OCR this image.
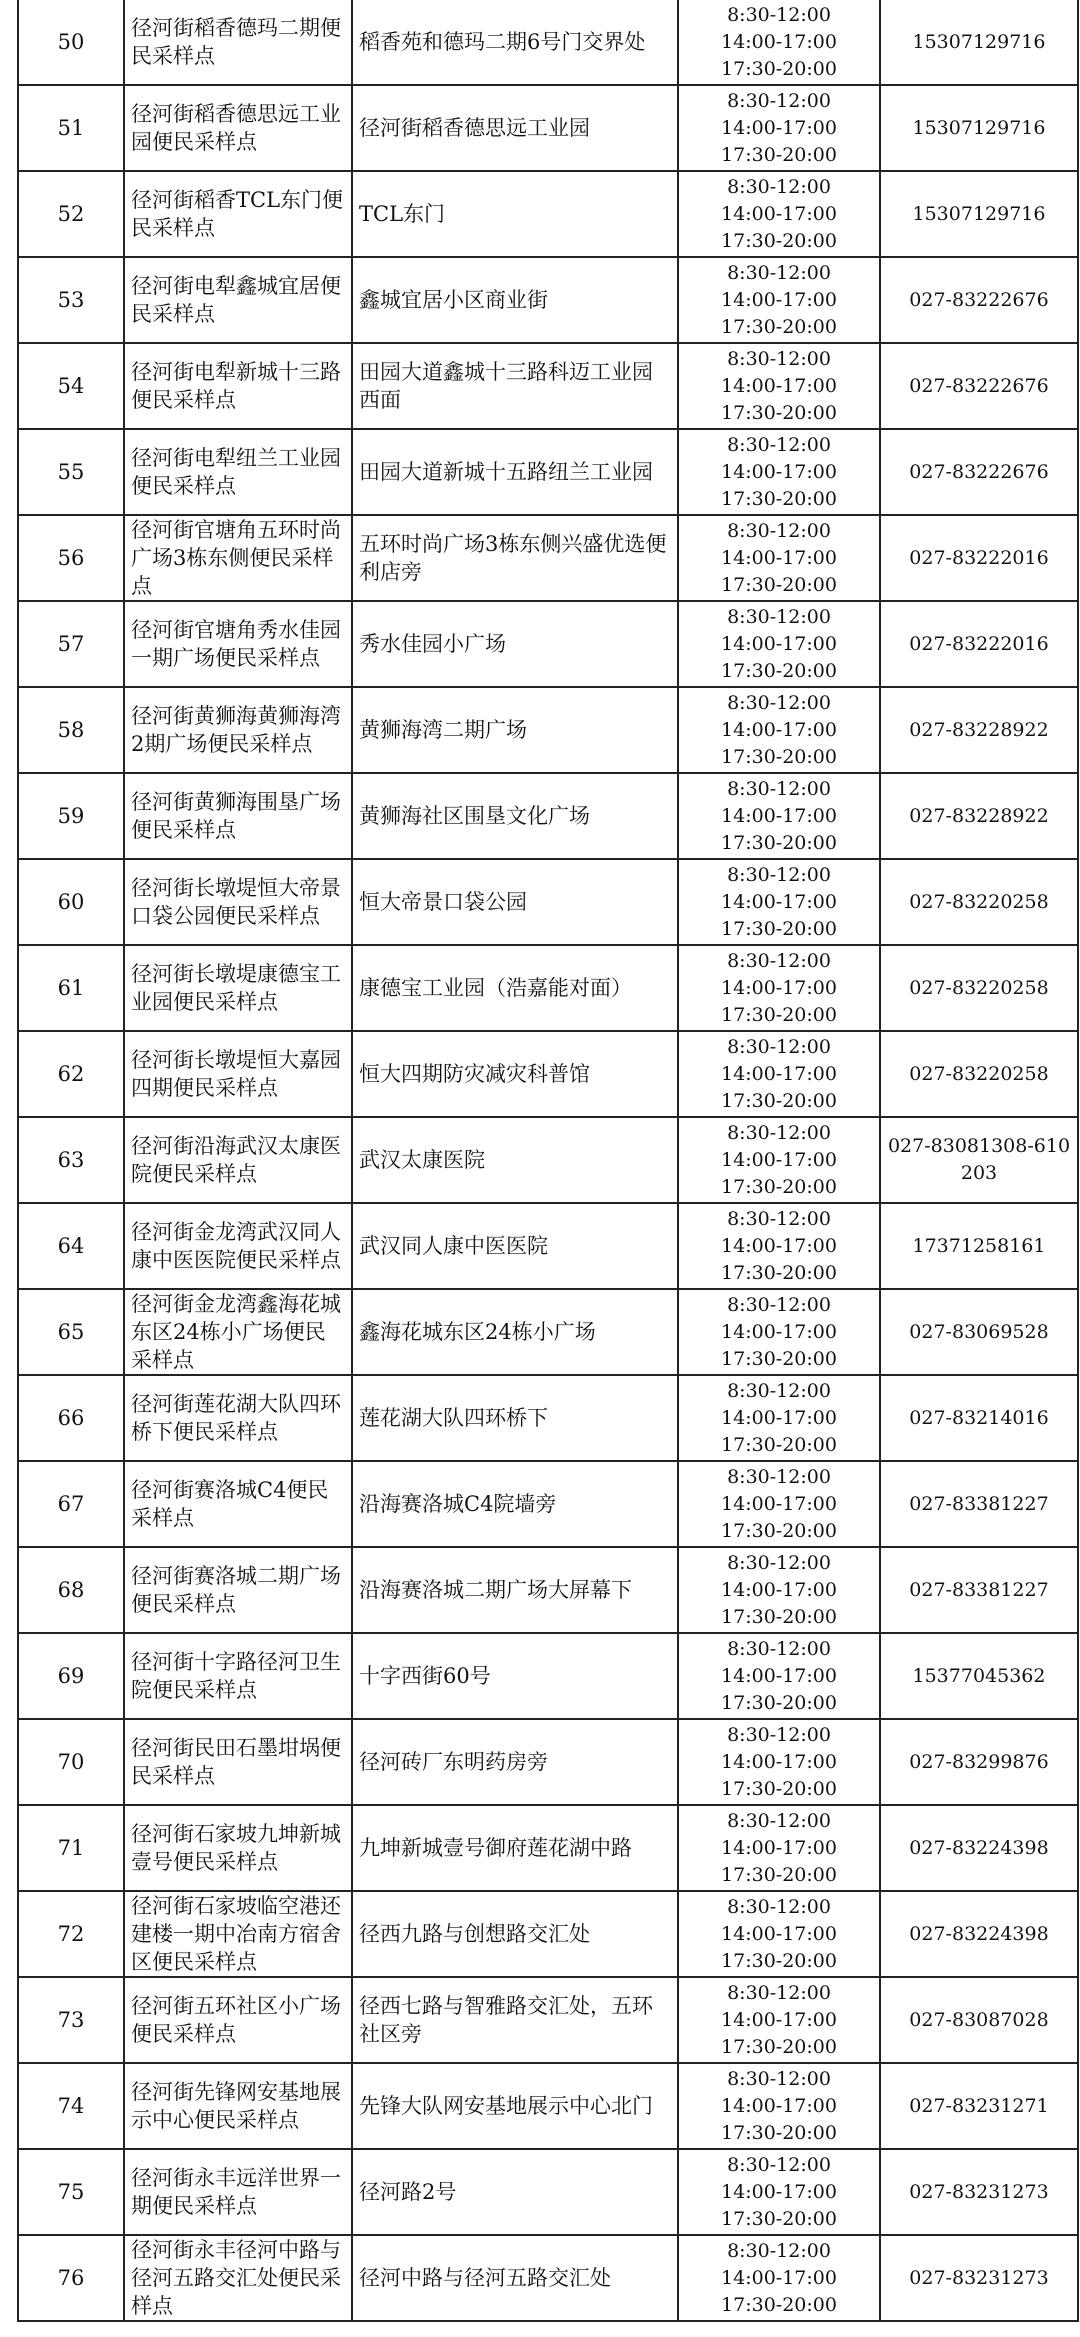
50	径河街稻香德玛二期便民采样点	稻香苑和德玛二期6号门交界处	8:30-12:00
14:00-17:00
17:30-20:00	15307129716
51	径河街稻香德思远工业园便民采样点	径河街稻香德思远工业园	8:30-12:00
14:00-17:00
17:30-20:00	15307129716
52	径河街稻香TCL东门便民采样点	TCL东门	8:30-12:00
14:00-17:00
17:30-20:00	15307129716
53	径河街电犁鑫城宜居便民采样点	鑫城宜居小区商业街	8:30-12:00
14:00-17:00
17:30-20:00	027-83222676
54	径河街电犁新城十三路便民采样点	田园大道鑫城十三路科迈工业园西面	8:30-12:00
14:00-17:00
17:30-20:00	027-83222676
55	径河街电犁纽兰工业园便民采样点	田园大道新城十五路纽兰工业园	8:30-12:00
14:00-17:00
17:30-20:00	027-83222676
56	径河街官塘角五环时尚广场3栋东侧便民采样点	五环时尚广场3栋东侧兴盛优选便利店旁	8:30-12:00
14:00-17:00
17:30-20:00	027-83222016
57	径河街官塘角秀水佳园一期广场便民采样点	秀水佳园小广场	8:30-12:00
14:00-17:00
17:30-20:00	027-83222016
58	径河街黄狮海黄狮海湾2期广场便民采样点	黄狮海湾二期广场	8:30-12:00
14:00-17:00
17:30-20:00	027-83228922
59	径河街黄狮海围垦广场便民采样点	黄狮海社区围垦文化广场	8:30-12:00
14:00-17:00
17:30-20:00	027-83228922
60	径河街长墩堤恒大帝景口袋公园便民采样点	恒大帝景口袋公园	8:30-12:00
14:00-17:00
17:30-20:00	027-83220258
61	径河街长墩堤康德宝工业园便民采样点	康德宝工业园（浩嘉能对面）	8:30-12:00
14:00-17:00
17:30-20:00	027-83220258
62	径河街长墩堤恒大嘉园四期便民采样点	恒大四期防灾减灾科普馆	8:30-12:00
14:00-17:00
17:30-20:00	027-83220258
63	径河街沿海武汉太康医院便民采样点	武汉太康医院	8:30-12:00
14:00-17:00
17:30-20:00	027-83081308-610203
64	径河街金龙湾武汉同人康中医医院便民采样点	武汉同人康中医医院	8:30-12:00
14:00-17:00
17:30-20:00	17371258161
65	径河街金龙湾鑫海花城东区24栋小广场便民采样点	鑫海花城东区24栋小广场	8:30-12:00
14:00-17:00
17:30-20:00	027-83069528
66	径河街莲花湖大队四环桥下便民采样点	莲花湖大队四环桥下	8:30-12:00
14:00-17:00
17:30-20:00	027-83214016
67	径河街赛洛城C4便民采样点	沿海赛洛城C4院墙旁	8:30-12:00
14:00-17:00
17:30-20:00	027-83381227
68	径河街赛洛城二期广场便民采样点	沿海赛洛城二期广场大屏幕下	8:30-12:00
14:00-17:00
17:30-20:00	027-83381227
69	径河街十字路径河卫生院便民采样点	十字西街60号	8:30-12:00
14:00-17:00
17:30-20:00	15377045362
70	径河街民田石墨坩埚便民采样点	径河砖厂东明药房旁	8:30-12:00
14:00-17:00
17:30-20:00	027-83299876
71	径河街石家坡九坤新城壹号便民采样点	九坤新城壹号御府莲花湖中路	8:30-12:00
14:00-17:00
17:30-20:00	027-83224398
72	径河街石家坡临空港还建楼一期中冶南方宿舍区便民采样点	径西九路与创想路交汇处	8:30-12:00
14:00-17:00
17:30-20:00	027-83224398
73	径河街五环社区小广场便民采样点	径西七路与智雅路交汇处，五环社区旁	8:30-12:00
14:00-17:00
17:30-20:00	027-83087028
74	径河街先锋网安基地展示中心便民采样点	先锋大队网安基地展示中心北门	8:30-12:00
14:00-17:00
17:30-20:00	027-83231271
75	径河街永丰远洋世界一期便民采样点	径河路2号	8:30-12:00
14:00-17:00
17:30-20:00	027-83231273
76	径河街永丰径河中路与径河五路交汇处便民采样点	径河中路与径河五路交汇处	8:30-12:00
14:00-17:00
17:30-20:00	027-83231273
